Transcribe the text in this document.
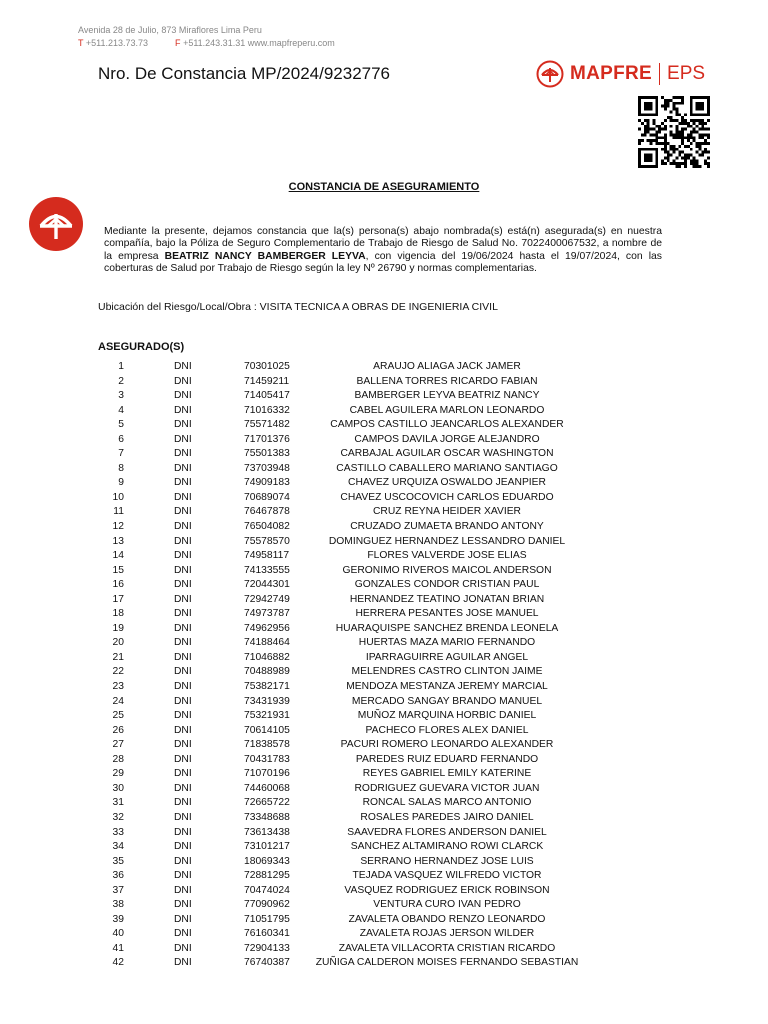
Avenida 28 de Julio, 873 Miraflores Lima Peru
T +511.213.73.73	F +511.243.31.31 www.mapfreperu.com
Nro. De Constancia MP/2024/9232776	MAPFRE EPS
CONSTANCIA DE ASEGURAMIENTO
Mediante la presente, dejamos constancia que la(s) persona(s) abajo nombrada(s) está(n) asegurada(s) en nuestra compañía, bajo la Póliza de Seguro Complementario de Trabajo de Riesgo de Salud No. 7022400067532, a nombre de la empresa BEATRIZ NANCY BAMBERGER LEYVA, con vigencia del 19/06/2024 hasta el 19/07/2024, con las coberturas de Salud por Trabajo de Riesgo según la ley Nº 26790 y normas complementarias.
Ubicación del Riesgo/Local/Obra : VISITA TECNICA A OBRAS DE INGENIERIA CIVIL
ASEGURADO(S)
1	DNI	70301025	ARAUJO ALIAGA JACK JAMER
2	DNI	71459211	BALLENA TORRES RICARDO FABIAN
3	DNI	71405417	BAMBERGER LEYVA BEATRIZ NANCY
4	DNI	71016332	CABEL AGUILERA MARLON LEONARDO
5	DNI	75571482	CAMPOS CASTILLO JEANCARLOS ALEXANDER
6	DNI	71701376	CAMPOS DAVILA JORGE ALEJANDRO
7	DNI	75501383	CARBAJAL AGUILAR OSCAR WASHINGTON
8	DNI	73703948	CASTILLO CABALLERO MARIANO SANTIAGO
9	DNI	74909183	CHAVEZ URQUIZA OSWALDO JEANPIER
10	DNI	70689074	CHAVEZ USCOCOVICH CARLOS EDUARDO
11	DNI	76467878	CRUZ REYNA HEIDER XAVIER
12	DNI	76504082	CRUZADO ZUMAETA BRANDO ANTONY
13	DNI	75578570	DOMINGUEZ HERNANDEZ LESSANDRO DANIEL
14	DNI	74958117	FLORES VALVERDE JOSE ELIAS
15	DNI	74133555	GERONIMO RIVEROS MAICOL ANDERSON
16	DNI	72044301	GONZALES CONDOR CRISTIAN PAUL
17	DNI	72942749	HERNANDEZ TEATINO JONATAN BRIAN
18	DNI	74973787	HERRERA PESANTES JOSE MANUEL
19	DNI	74962956	HUARAQUISPE SANCHEZ BRENDA LEONELA
20	DNI	74188464	HUERTAS MAZA MARIO FERNANDO
21	DNI	71046882	IPARRAGUIRRE AGUILAR ANGEL
22	DNI	70488989	MELENDRES CASTRO CLINTON JAIME
23	DNI	75382171	MENDOZA MESTANZA JEREMY MARCIAL
24	DNI	73431939	MERCADO SANGAY BRANDO MANUEL
25	DNI	75321931	MUÑOZ MARQUINA HORBIC DANIEL
26	DNI	70614105	PACHECO FLORES ALEX DANIEL
27	DNI	71838578	PACURI ROMERO LEONARDO ALEXANDER
28	DNI	70431783	PAREDES RUIZ EDUARD FERNANDO
29	DNI	71070196	REYES GABRIEL EMILY KATERINE
30	DNI	74460068	RODRIGUEZ GUEVARA VICTOR JUAN
31	DNI	72665722	RONCAL SALAS MARCO ANTONIO
32	DNI	73348688	ROSALES PAREDES JAIRO DANIEL
33	DNI	73613438	SAAVEDRA FLORES ANDERSON DANIEL
34	DNI	73101217	SANCHEZ ALTAMIRANO ROWI CLARCK
35	DNI	18069343	SERRANO HERNANDEZ JOSE LUIS
36	DNI	72881295	TEJADA VASQUEZ WILFREDO VICTOR
37	DNI	70474024	VASQUEZ RODRIGUEZ ERICK ROBINSON
38	DNI	77090962	VENTURA CURO IVAN PEDRO
39	DNI	71051795	ZAVALETA OBANDO RENZO LEONARDO
40	DNI	76160341	ZAVALETA ROJAS JERSON WILDER
41	DNI	72904133	ZAVALETA VILLACORTA CRISTIAN RICARDO
42	DNI	76740387	ZUÑIGA CALDERON MOISES FERNANDO SEBASTIAN
